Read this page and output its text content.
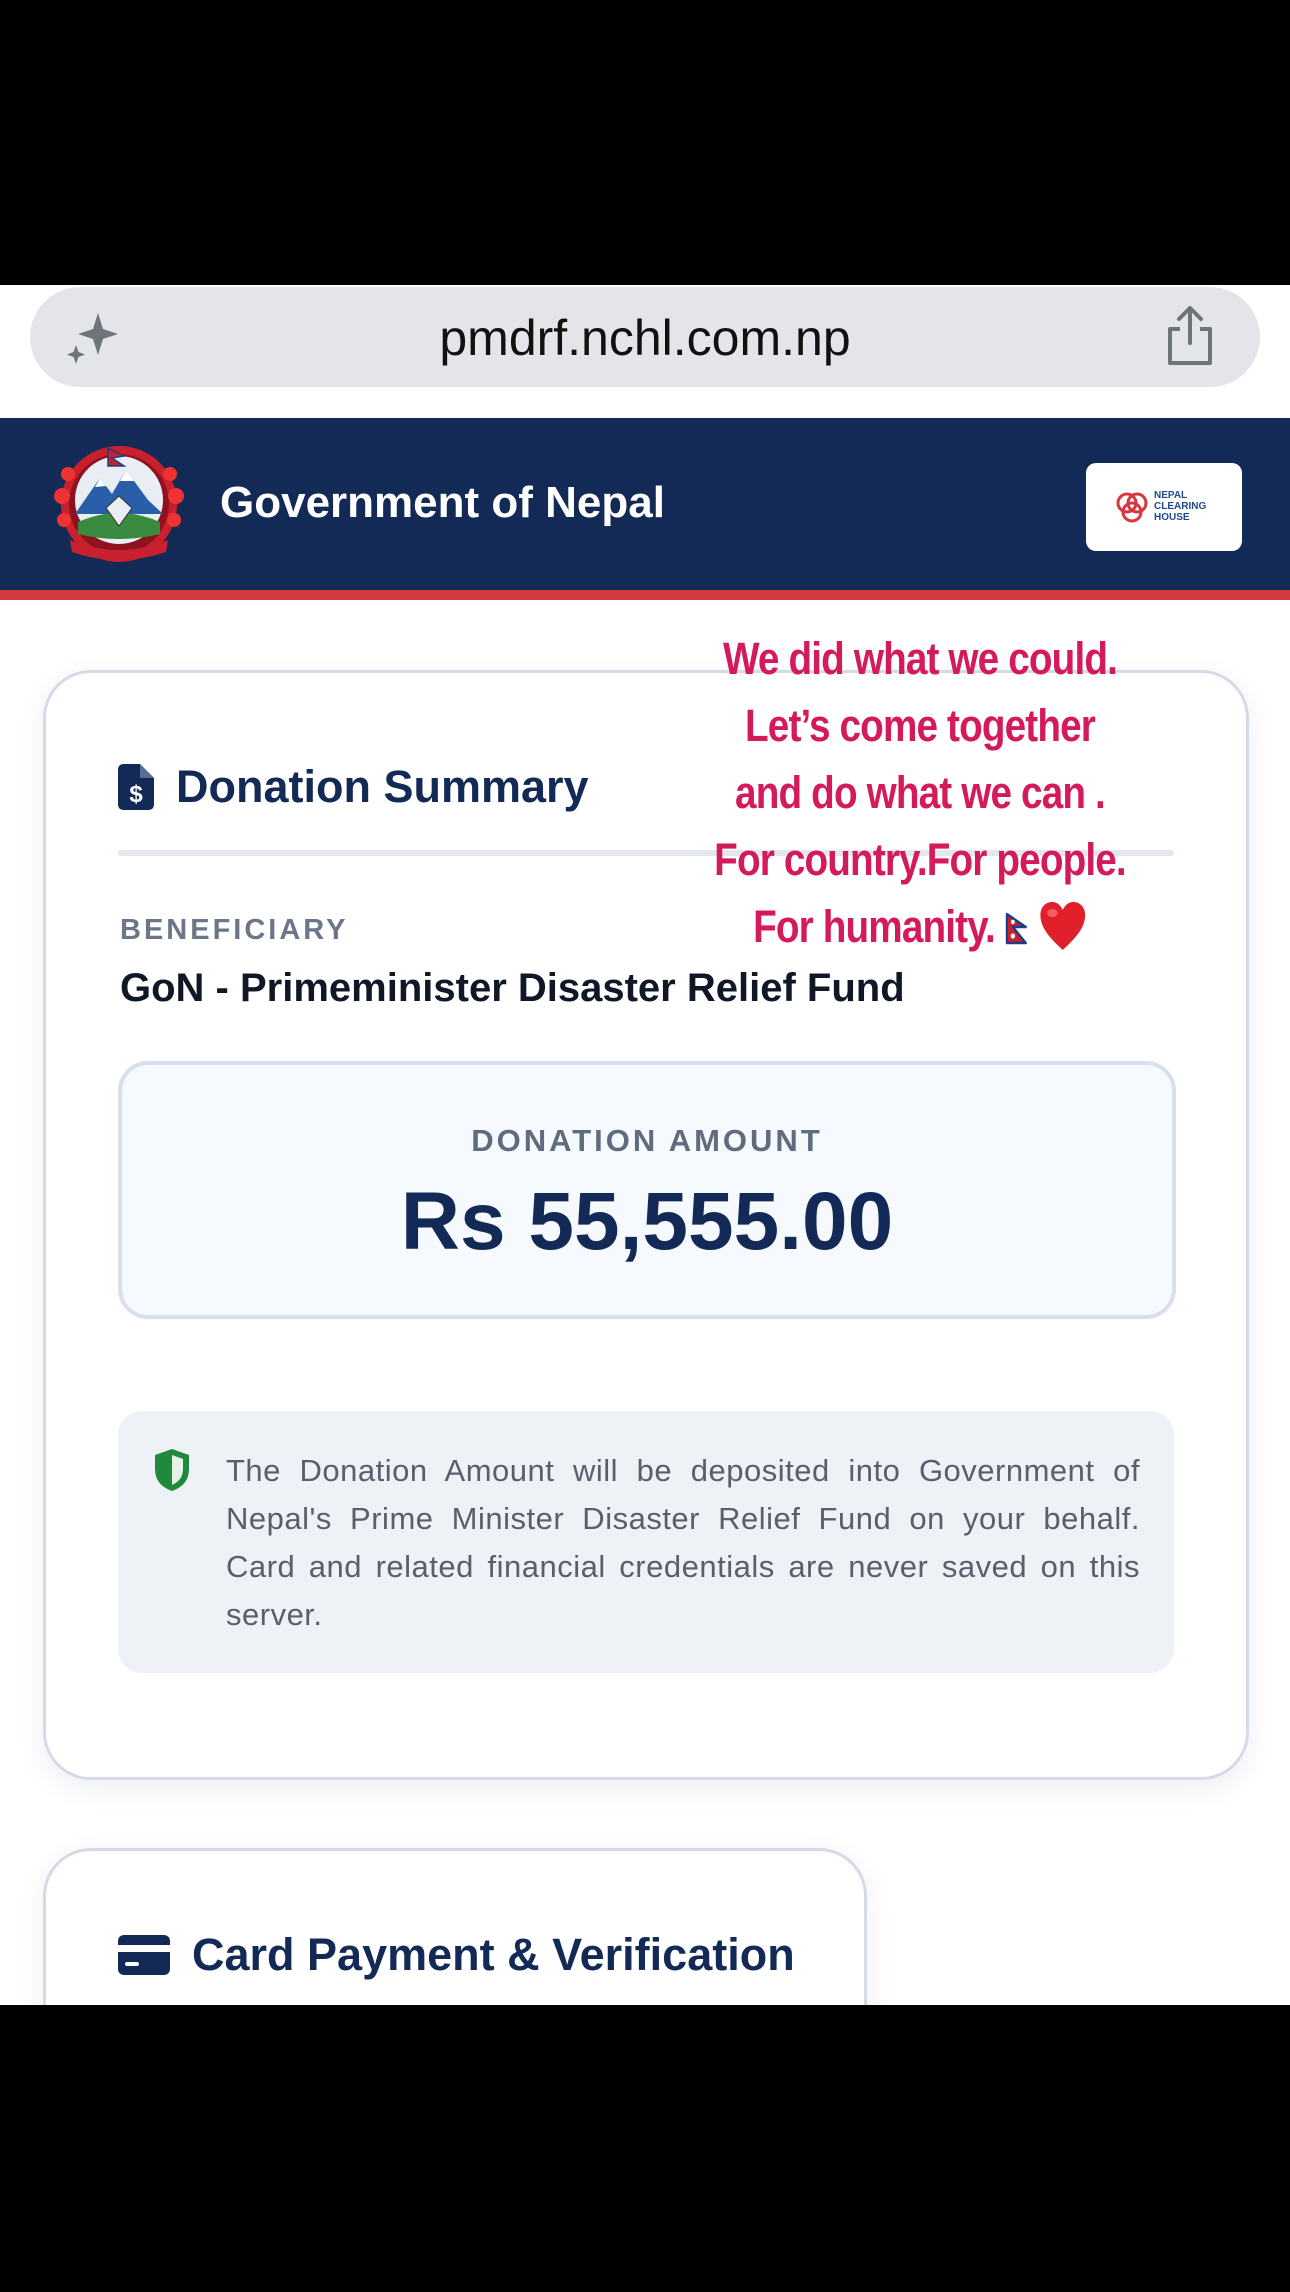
pmdrf.nchl.com.np
Government of Nepal	NEPAL
CLEARING
HOUSE
$ Donation Summary
BENEFICIARY
GoN - Primeminister Disaster Relief Fund
DONATION AMOUNT
Rs 55,555.00
The Donation Amount will be deposited into Government of Nepal's Prime Minister Disaster Relief Fund on your behalf. Card and related financial credentials are never saved on this server.
Card Payment & Verification
We did what we could.
Let’s come together
and do what we can .
For country.For people.
For humanity.
